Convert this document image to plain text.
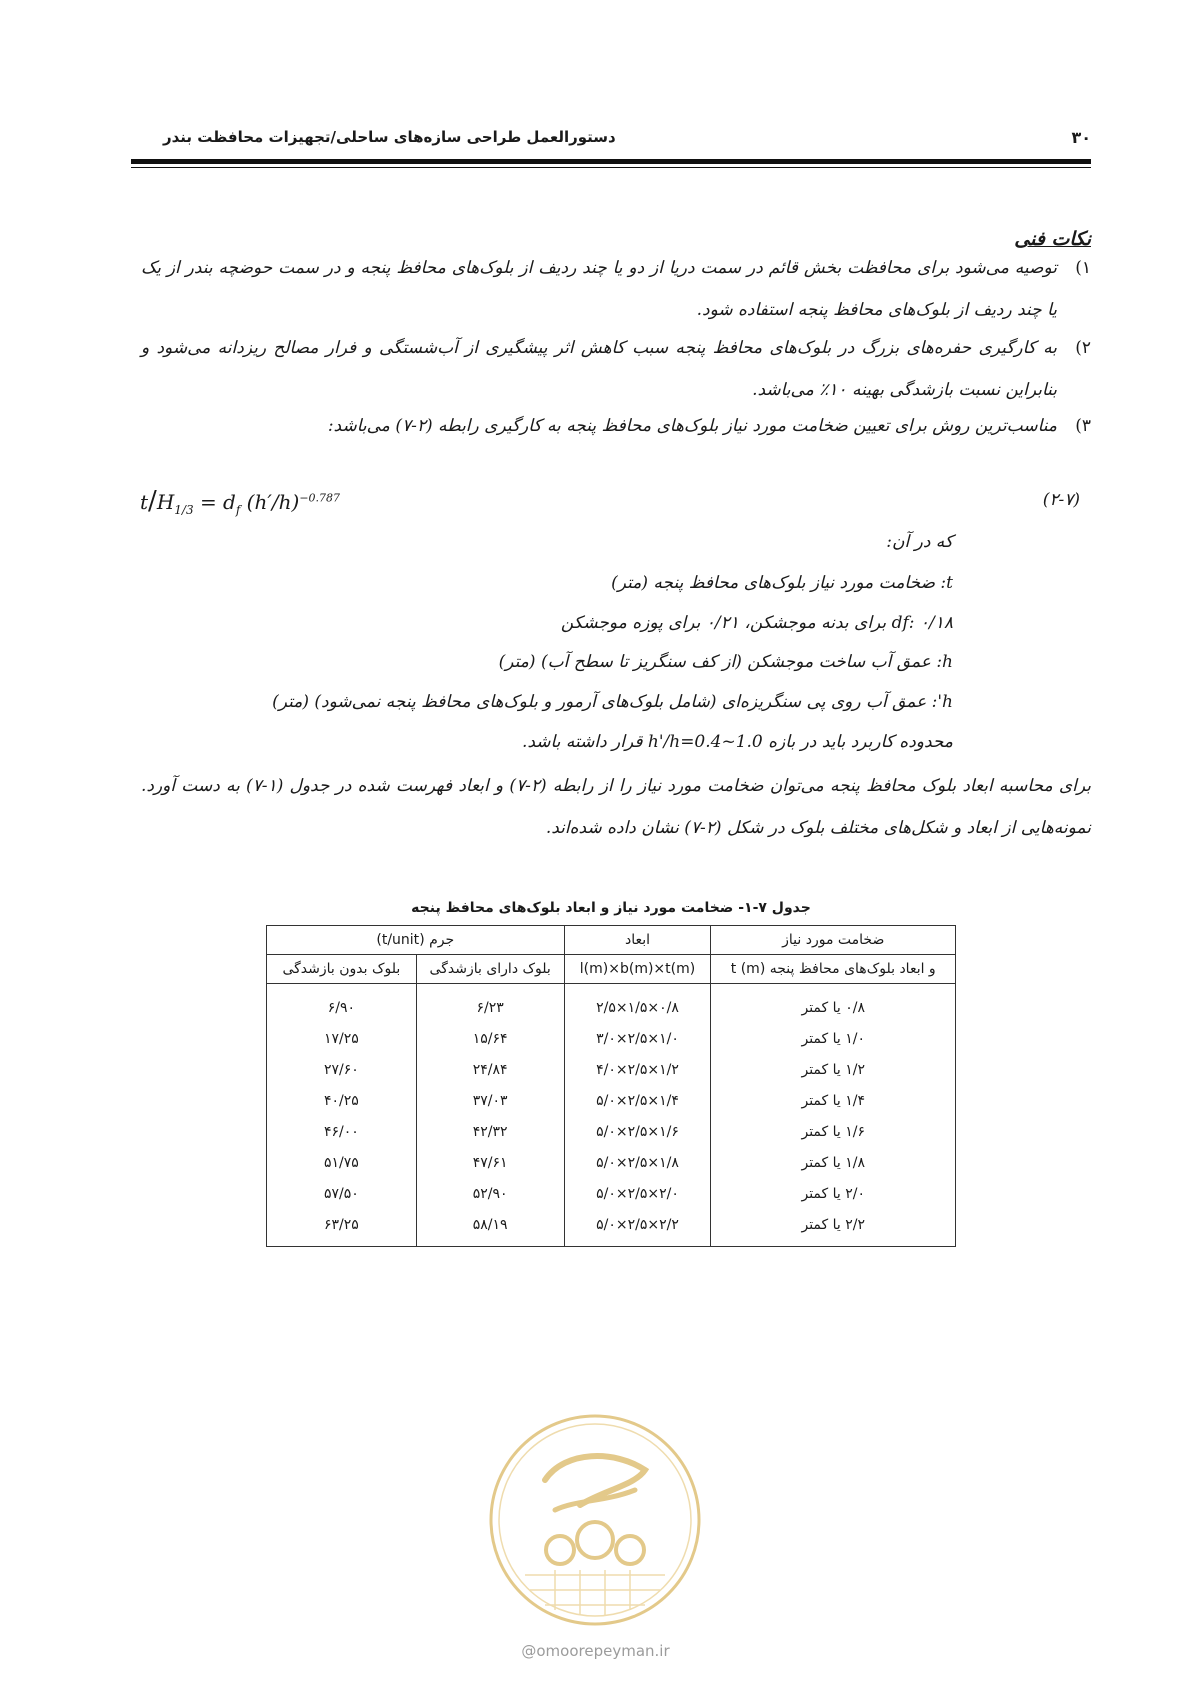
دستورالعمل طراحی سازه‌های ساحلی/تجهیزات محافظت بندر	۳۰
نکات فنی
۱)
توصیه می‌شود برای محافظت بخش قائم در سمت دریا از دو یا چند ردیف از بلوک‌های محافظ پنجه و در سمت حوضچه بندر از یک یا چند ردیف از بلوک‌های محافظ پنجه استفاده شود.
۲)
به کارگیری حفره‌های بزرگ در بلوک‌های محافظ پنجه سبب کاهش اثر پیشگیری از آب‌شستگی و فرار مصالح ریزدانه می‌شود و بنابراین نسبت بازشدگی بهینه ۱۰٪ می‌باشد.
۳)
مناسب‌ترین روش برای تعیین ضخامت مورد نیاز بلوک‌های محافظ پنجه به کارگیری رابطه (۲-۷) می‌باشد:
$t/H_{1/3} = d_f$ $(h'/h)^{-0.787}$	(۲-۷)
که در آن:
t: ضخامت مورد نیاز بلوک‌های محافظ پنجه (متر)
df: ۰/۱۸ برای بدنه موجشکن، ۰/۲۱ برای پوزه موجشکن
h: عمق آب ساخت موجشکن (از کف سنگریز تا سطح آب) (متر)
h': عمق آب روی پی سنگریزه‌ای (شامل بلوک‌های آرمور و بلوک‌های محافظ پنجه نمی‌شود) (متر)
محدوده کاربرد باید در بازه h'/h=0.4~1.0 قرار داشته باشد.
برای محاسبه ابعاد بلوک محافظ پنجه می‌توان ضخامت مورد نیاز را از رابطه (۲-۷) و ابعاد فهرست شده در جدول (۱-۷) به دست آورد. نمونه‌هایی از ابعاد و شکل‌های مختلف بلوک در شکل (۲-۷) نشان داده شده‌اند.
جدول ۷-۱- ضخامت مورد نیاز و ابعاد بلوک‌های محافظ پنجه
ضخامت مورد نیاز	ابعاد	جرم (t/unit)	
و ابعاد بلوک‌های محافظ پنجه (t (m	l(m)×b(m)×t(m)	بلوک دارای بازشدگی	بلوک بدون بازشدگی
۰/۸ یا کمتر	۲/۵×۱/۵×۰/۸	۶/۲۳	۶/۹۰
۱/۰ یا کمتر	۳/۰×۲/۵×۱/۰	۱۵/۶۴	۱۷/۲۵
۱/۲ یا کمتر	۴/۰×۲/۵×۱/۲	۲۴/۸۴	۲۷/۶۰
۱/۴ یا کمتر	۵/۰×۲/۵×۱/۴	۳۷/۰۳	۴۰/۲۵
۱/۶ یا کمتر	۵/۰×۲/۵×۱/۶	۴۲/۳۲	۴۶/۰۰
۱/۸ یا کمتر	۵/۰×۲/۵×۱/۸	۴۷/۶۱	۵۱/۷۵
۲/۰ یا کمتر	۵/۰×۲/۵×۲/۰	۵۲/۹۰	۵۷/۵۰
۲/۲ یا کمتر	۵/۰×۲/۵×۲/۲	۵۸/۱۹	۶۳/۲۵
@omoorepeyman.ir
